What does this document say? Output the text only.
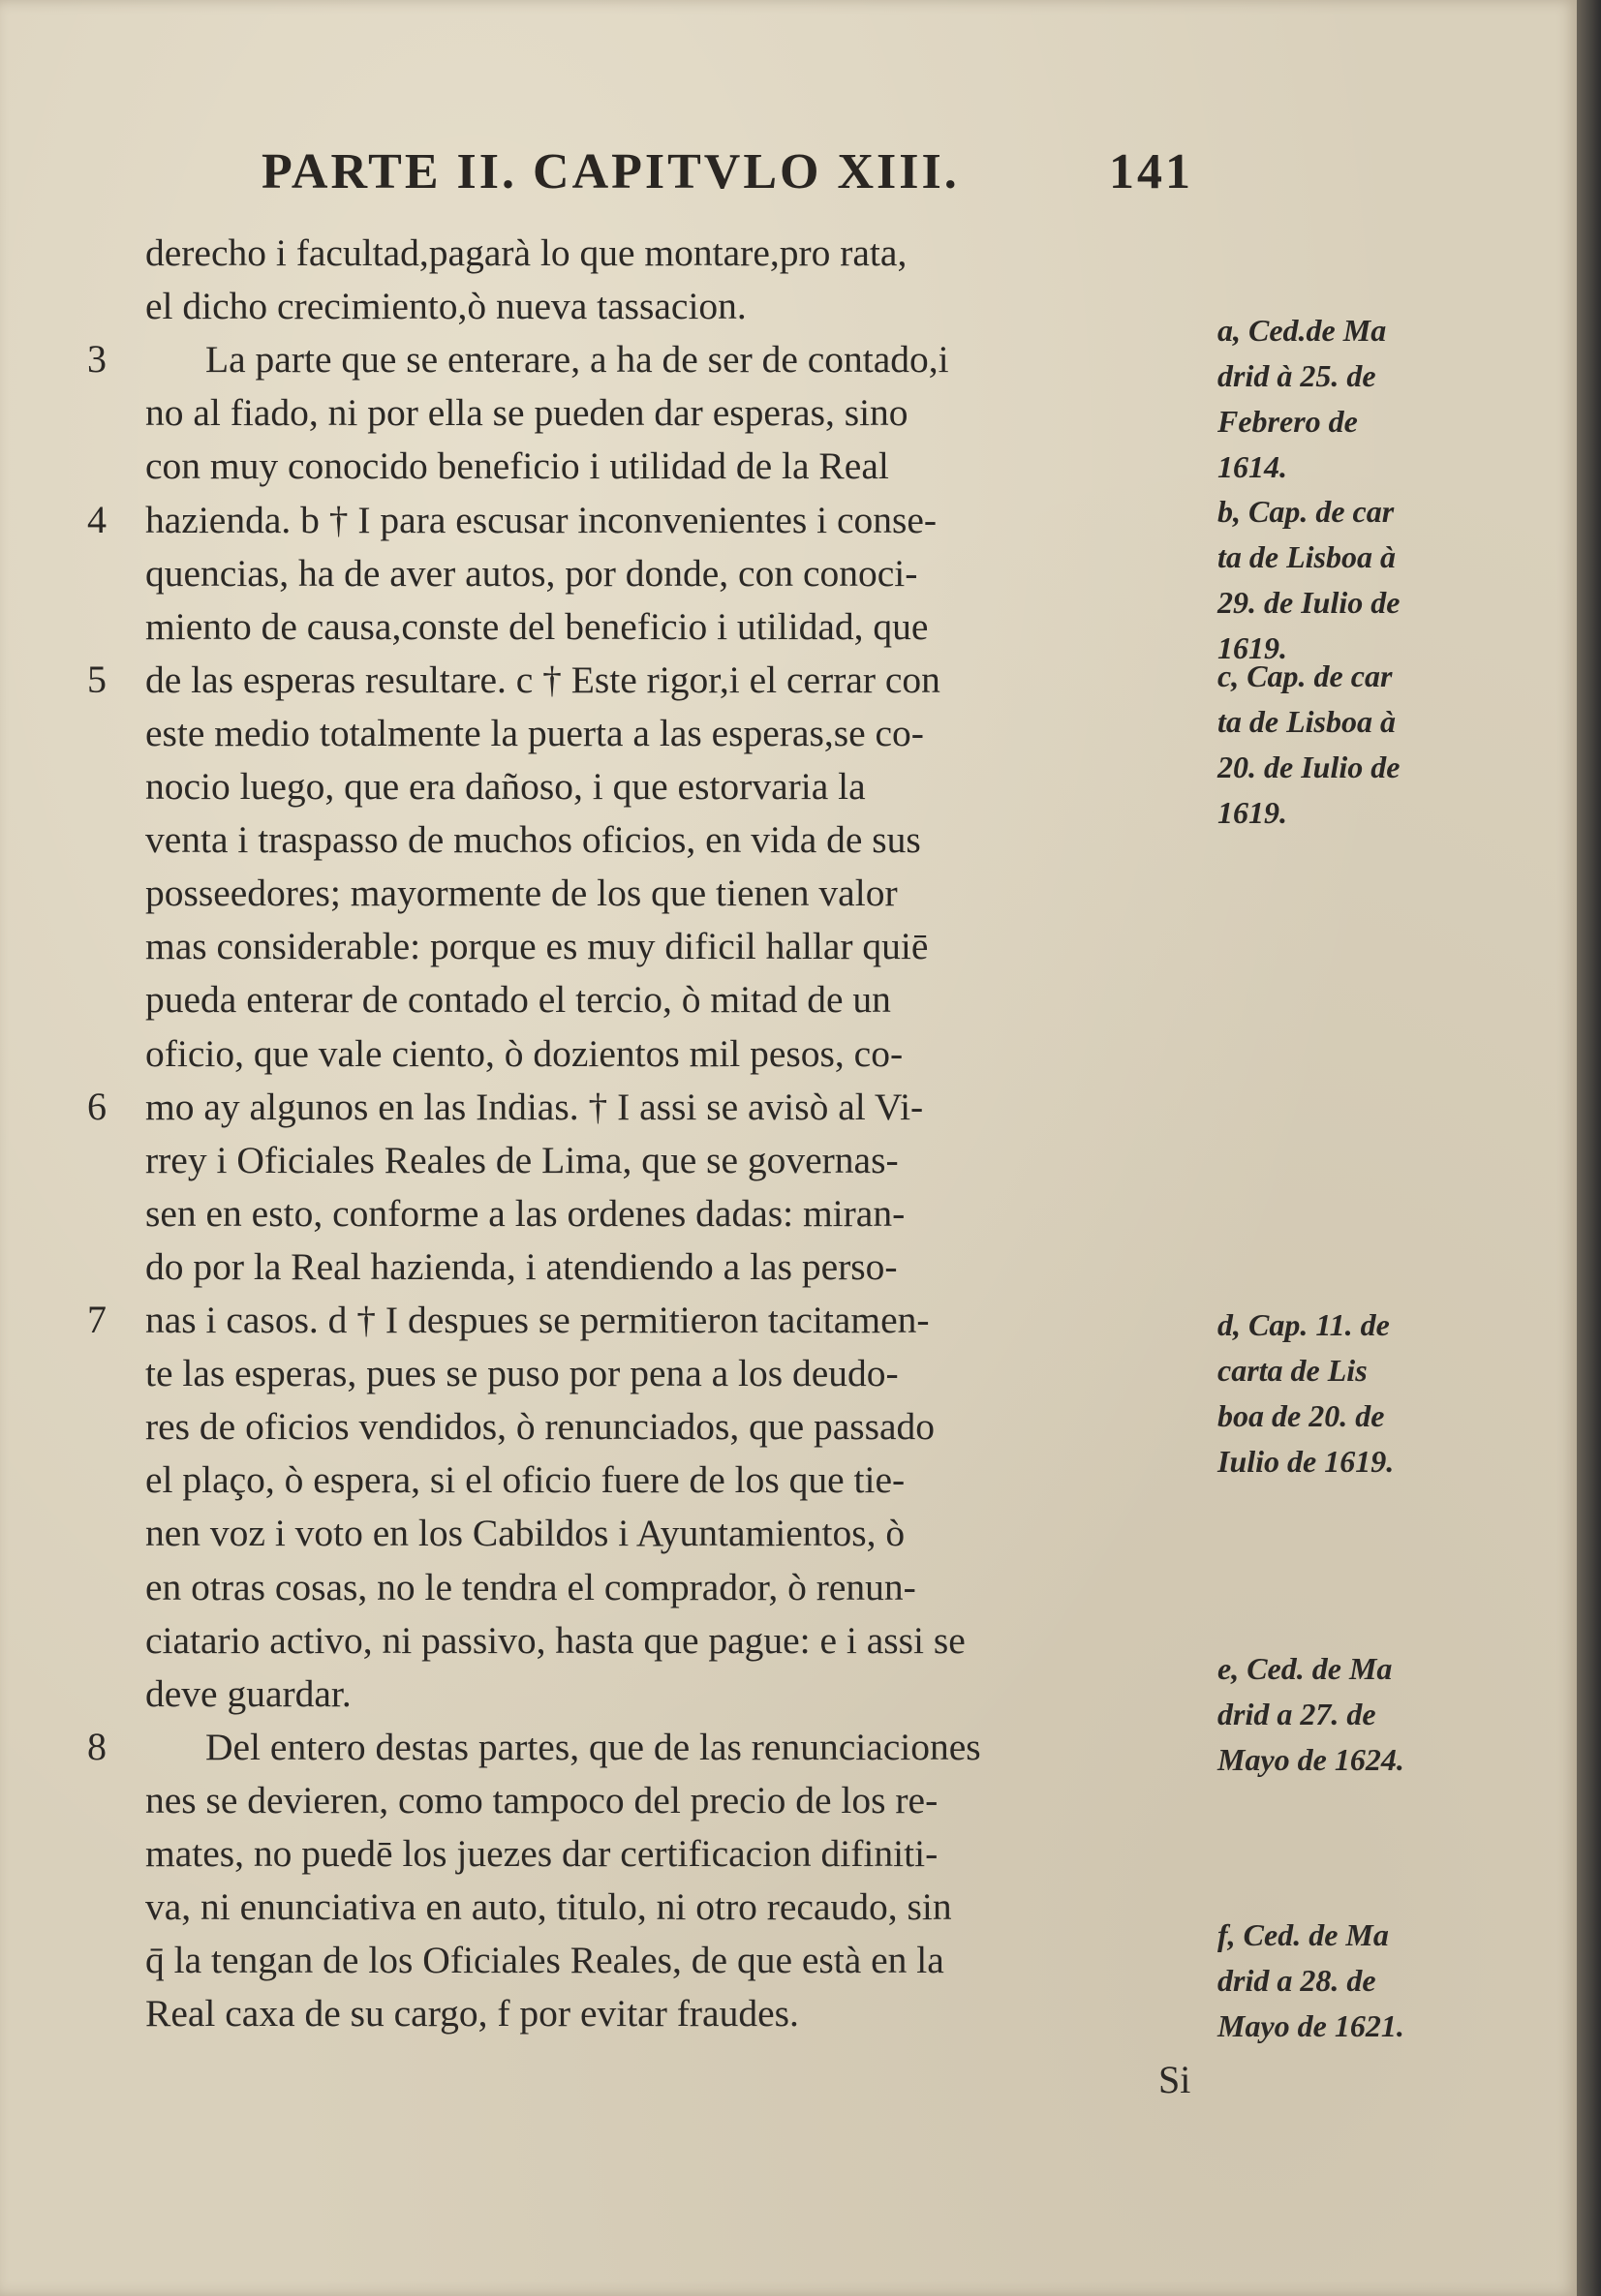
PARTE II. CAPITVLO XIII.	141
derecho i facultad,pagarà lo que montare,pro rata,
el dicho crecimiento,ò nueva tassacion.
La parte que se enterare, a ha de ser de contado,i
no al fiado, ni por ella se pueden dar esperas, sino
con muy conocido beneficio i utilidad de la Real
hazienda. b † I para escusar inconvenientes i conse-
quencias, ha de aver autos, por donde, con conoci-
miento de causa,conste del beneficio i utilidad, que
de las esperas resultare. c † Este rigor,i el cerrar con
este medio totalmente la puerta a las esperas,se co-
nocio luego, que era dañoso, i que estorvaria la
venta i traspasso de muchos oficios, en vida de sus
posseedores; mayormente de los que tienen valor
mas considerable: porque es muy dificil hallar quiē
pueda enterar de contado el tercio, ò mitad de un
oficio, que vale ciento, ò dozientos mil pesos, co-
mo ay algunos en las Indias. † I assi se avisò al Vi-
rrey i Oficiales Reales de Lima, que se governas-
sen en esto, conforme a las ordenes dadas: miran-
do por la Real hazienda, i atendiendo a las perso-
nas i casos. d † I despues se permitieron tacitamen-
te las esperas, pues se puso por pena a los deudo-
res de oficios vendidos, ò renunciados, que passado
el plaço, ò espera, si el oficio fuere de los que tie-
nen voz i voto en los Cabildos i Ayuntamientos, ò
en otras cosas, no le tendra el comprador, ò renun-
ciatario activo, ni passivo, hasta que pague: e i assi se
deve guardar.
Del entero destas partes, que de las renunciaciones
nes se devieren, como tampoco del precio de los re-
mates, no puedē los juezes dar certificacion difiniti-
va, ni enunciativa en auto, titulo, ni otro recaudo, sin
q̄ la tengan de los Oficiales Reales, de que està en la
Real caxa de su cargo, f por evitar fraudes.
3
4
5
6
7
8
a, Ced.de Ma
drid à 25. de
Febrero de
1614.
b, Cap. de car
ta de Lisboa à
29. de Iulio de
1619.
c, Cap. de car
ta de Lisboa à
20. de Iulio de
1619.
d, Cap. 11. de
carta de Lis
boa de 20. de
Iulio de 1619.
e, Ced. de Ma
drid a 27. de
Mayo de 1624.
f, Ced. de Ma
drid a 28. de
Mayo de 1621.
Si
